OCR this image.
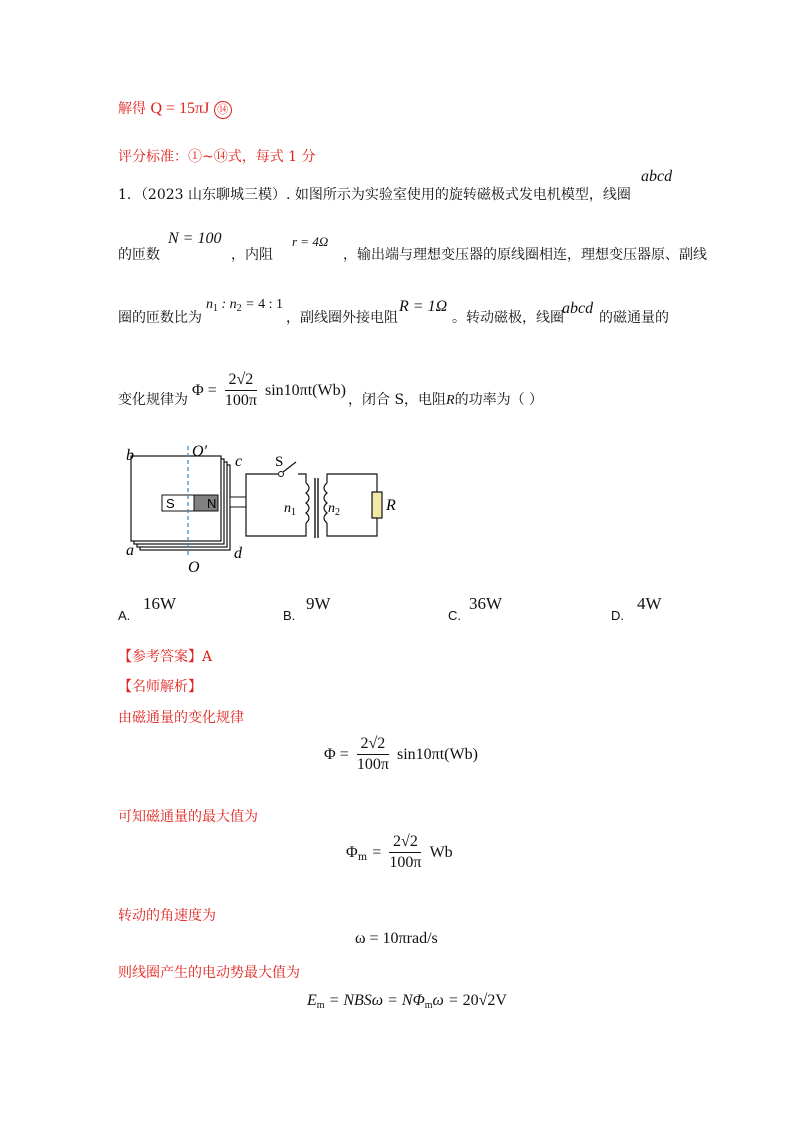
解得 Q = 15πJ ⑭
评分标准：①~⑭式，每式 1 分
1．（2023 山东聊城三模）. 如图所示为实验室使用的旋转磁极式发电机模型，线圈
abcd
的匝数
N = 100
，内阻
r = 4Ω
，输出端与理想变压器的原线圈相连，理想变压器原、副线
圈的匝数比为
$n_1$ : $n_2 = 4$ : 1
，副线圈外接电阻
R = 1Ω
。转动磁极，线圈
abcd
的磁通量的
变化规律为
$\Phi = \frac{2√2}{100\pi} \sin 10\pi t(Wb)$
，闭合 S，电阻R的功率为（ ）
S N
b	c
a	d
O′
O
S
$n_1$ $n_2$	R
A.
16W
B.
9W
C.
36W
D.
4W
【参考答案】A
【名师解析】
由磁通量的变化规律
$\Phi = \frac{2√2}{100\pi} \sin 10\pi t(Wb)$
可知磁通量的最大值为
$\Phi_m = \frac{2√2}{100\pi}$ Wb
转动的角速度为
ω = 10πrad/s
则线圈产生的电动势最大值为
$E_m = NBS\omega = N\Phi_m\omega = 20√2V$
